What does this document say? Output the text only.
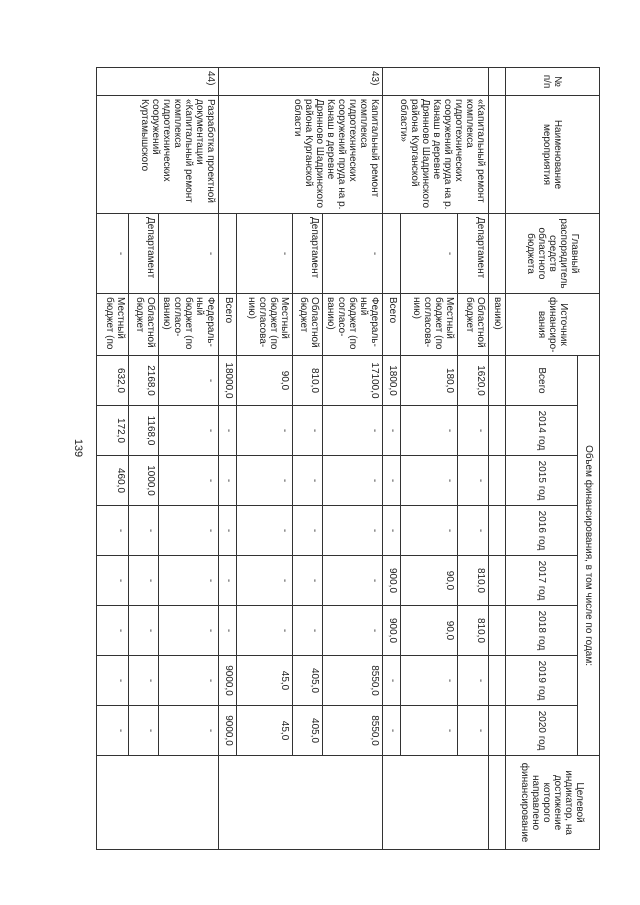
139
№ п/п	Наименование мероприятия	Главный распорядитель средств областного бюджета	Источник финансиро-вания	Объем финансирования, в том числе по годам:								Целевой индикатор, на достижение которого направлено финансирование
				Всего	2014 год	2015 год	2016 год	2017 год	2018 год	2019 год	2020 год	
			ванию)									
	«Капитальный ремонт комплекса гидротехнических сооружений пруда на р. Канаш в деревне Дрянново Шадринского района Курганской области»	Департамент	Областной бюджет	1620,0	-	-	-	810,0	810,0	-	-	
		-	Местный бюджет (по согласова-нию)	180,0	-	-	-	90,0	90,0	-	-	
			Всего	1800,0	-	-	-	900,0	900,0	-	-	
43)	Капитальный ремонт комплекса гидротехнических сооружений пруда на р. Канаш в деревне Дрянново Шадринского района Курганской области	-	Федераль-ный бюджет (по согласо-ванию)	17100,0	-	-	-	-	-	8550,0	8550,0	
		Департамент	Областной бюджет	810,0	-	-	-	-	-	405,0	405,0	
		-	Местный бюджет (по согласова-нию)	90,0	-	-	-	-	-	45,0	45,0	
			Всего	18000,0	-	-	-	-	-	9000,0	9000,0	
44)	Разработка проектной документации «Капитальный ремонт комплекса гидротехнических сооружений Куртамышского	-	Федераль-ный бюджет (по согласо-ванию)	-	-	-	-	-	-	-	-	
		Департамент	Областной бюджет	2168,0	1168,0	1000,0	-	-	-	-	-	
		-	Местный бюджет (по	632,0	172,0	460,0	-	-	-	-	-	
